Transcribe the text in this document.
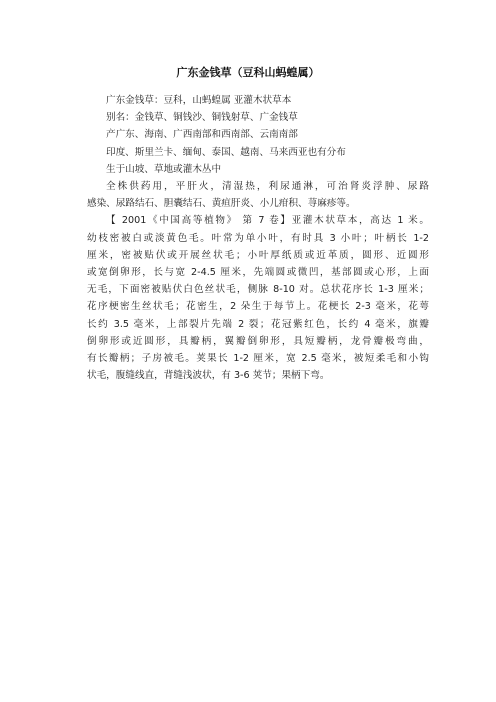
广东金钱草（豆科山蚂蝗属）
广东金钱草：豆科，山蚂蝗属 亚灌木状草本
别名：金钱草、铜钱沙、铜钱射草、广金钱草
产广东、海南、广西南部和西南部、云南南部
印度、斯里兰卡、缅甸、泰国、越南、马来西亚也有分布
生于山坡、草地或灌木丛中
全株供药用，平肝火，清湿热，利尿通淋，可治肾炎浮肿、尿路
感染、尿路结石、胆囊结石、黄疸肝炎、小儿疳积、荨麻疹等。
【 2001《中国高等植物》 第 7 卷】亚灌木状草本，高达 1 米。
幼枝密被白或淡黄色毛。叶常为单小叶，有时具 3 小叶；叶柄长 1-2
厘米，密被贴伏或开展丝状毛；小叶厚纸质或近革质，圆形、近圆形
或宽倒卵形，长与宽 2-4.5 厘米，先端圆或微凹，基部圆或心形，上面
无毛，下面密被贴伏白色丝状毛，侧脉 8-10 对。总状花序长 1-3 厘米；
花序梗密生丝状毛；花密生，2 朵生于每节上。花梗长 2-3 毫米，花萼
长约 3.5 毫米，上部裂片先端 2 裂；花冠紫红色，长约 4 毫米，旗瓣
倒卵形或近圆形，具瓣柄，翼瓣倒卵形，具短瓣柄，龙骨瓣极弯曲，
有长瓣柄；子房被毛。荚果长 1-2 厘米，宽 2.5 毫米，被短柔毛和小钩
状毛，腹缝线直，背缝浅波状，有 3-6 荚节；果柄下弯。
